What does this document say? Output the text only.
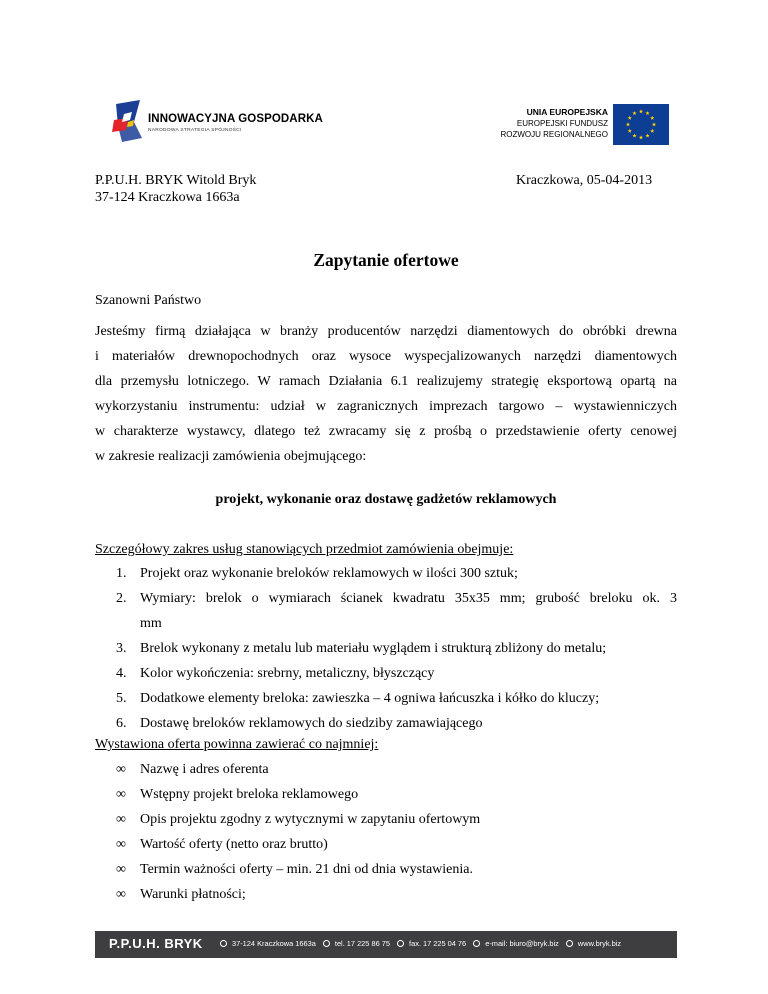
INNOWACYJNA GOSPODARKA
NARODOWA STRATEGIA SPÓJNOŚCI
UNIA EUROPEJSKA
EUROPEJSKI FUNDUSZ
ROZWOJU REGIONALNEGO
P.P.U.H. BRYK Witold Bryk
37-124 Kraczkowa 1663a
Kraczkowa, 05-04-2013
Zapytanie ofertowe
Szanowni Państwo
Jesteśmy firmą działająca w branży producentów narzędzi diamentowych do obróbki drewna
i materiałów drewnopochodnych oraz wysoce wyspecjalizowanych narzędzi diamentowych
dla przemysłu lotniczego. W ramach Działania 6.1 realizujemy strategię eksportową opartą na
wykorzystaniu instrumentu: udział w zagranicznych imprezach targowo – wystawienniczych
w charakterze wystawcy, dlatego też zwracamy się z prośbą o przedstawienie oferty cenowej
w zakresie realizacji zamówienia obejmującego:
projekt, wykonanie oraz dostawę gadżetów reklamowych
Szczegółowy zakres usług stanowiących przedmiot zamówienia obejmuje:
1. Projekt oraz wykonanie breloków reklamowych w ilości 300 sztuk;
2. Wymiary: brelok o wymiarach ścianek kwadratu 35x35 mm; grubość breloku ok. 3
mm
3. Brelok wykonany z metalu lub materiału wyglądem i strukturą zbliżony do metalu;
4. Kolor wykończenia: srebrny, metaliczny, błyszczący
5. Dodatkowe elementy breloka: zawieszka – 4 ogniwa łańcuszka i kółko do kluczy;
6. Dostawę breloków reklamowych do siedziby zamawiającego
Wystawiona oferta powinna zawierać co najmniej:
∞ Nazwę i adres oferenta
∞ Wstępny projekt breloka reklamowego
∞ Opis projektu zgodny z wytycznymi w zapytaniu ofertowym
∞ Wartość oferty (netto oraz brutto)
∞ Termin ważności oferty – min. 21 dni od dnia wystawienia.
∞ Warunki płatności;
P.P.U.H. BRYK	37-124 Kraczkowa 1663a	tel. 17 225 86 75	fax. 17 225 04 76	e-mail: biuro@bryk.biz	www.bryk.biz
